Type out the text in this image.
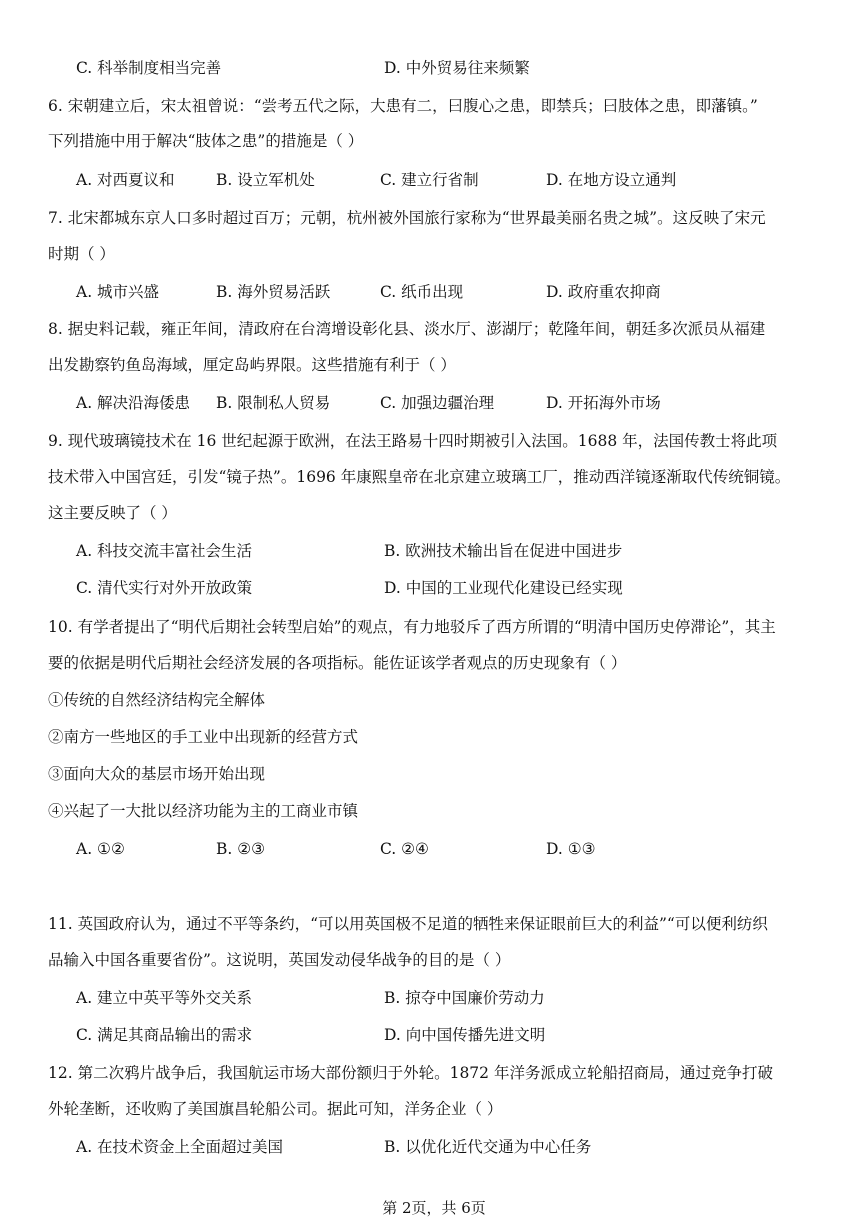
C. 科举制度相当完善	D. 中外贸易往来频繁
6. 宋朝建立后，宋太祖曾说：“尝考五代之际，大患有二，曰腹心之患，即禁兵；曰肢体之患，即藩镇。”
下列措施中用于解决“肢体之患”的措施是（ ）
A. 对西夏议和	B. 设立军机处	C. 建立行省制	D. 在地方设立通判
7. 北宋都城东京人口多时超过百万；元朝，杭州被外国旅行家称为“世界最美丽名贵之城”。这反映了宋元
时期（ ）
A. 城市兴盛	B. 海外贸易活跃	C. 纸币出现	D. 政府重农抑商
8. 据史料记载，雍正年间，清政府在台湾增设彰化县、淡水厅、澎湖厅；乾隆年间，朝廷多次派员从福建
出发勘察钓鱼岛海域，厘定岛屿界限。这些措施有利于（ ）
A. 解决沿海倭患 B. 限制私人贸易	C. 加强边疆治理	D. 开拓海外市场
9. 现代玻璃镜技术在 16 世纪起源于欧洲，在法王路易十四时期被引入法国。1688 年，法国传教士将此项
技术带入中国宫廷，引发“镜子热”。1696 年康熙皇帝在北京建立玻璃工厂，推动西洋镜逐渐取代传统铜镜。
这主要反映了（ ）
A. 科技交流丰富社会生活	B. 欧洲技术输出旨在促进中国进步
C. 清代实行对外开放政策	D. 中国的工业现代化建设已经实现
10. 有学者提出了“明代后期社会转型启始”的观点，有力地驳斥了西方所谓的“明清中国历史停滞论”，其主
要的依据是明代后期社会经济发展的各项指标。能佐证该学者观点的历史现象有（ ）
①传统的自然经济结构完全解体
②南方一些地区的手工业中出现新的经营方式
③面向大众的基层市场开始出现
④兴起了一大批以经济功能为主的工商业市镇
A. ①②	B. ②③	C. ②④	D. ①③
11. 英国政府认为，通过不平等条约，“可以用英国极不足道的牺牲来保证眼前巨大的利益”“可以便利纺织
品输入中国各重要省份”。这说明，英国发动侵华战争的目的是（ ）
A. 建立中英平等外交关系	B. 掠夺中国廉价劳动力
C. 满足其商品输出的需求	D. 向中国传播先进文明
12. 第二次鸦片战争后，我国航运市场大部份额归于外轮。1872 年洋务派成立轮船招商局，通过竞争打破
外轮垄断，还收购了美国旗昌轮船公司。据此可知，洋务企业（ ）
A. 在技术资金上全面超过美国	B. 以优化近代交通为中心任务
第 2页，共 6页
